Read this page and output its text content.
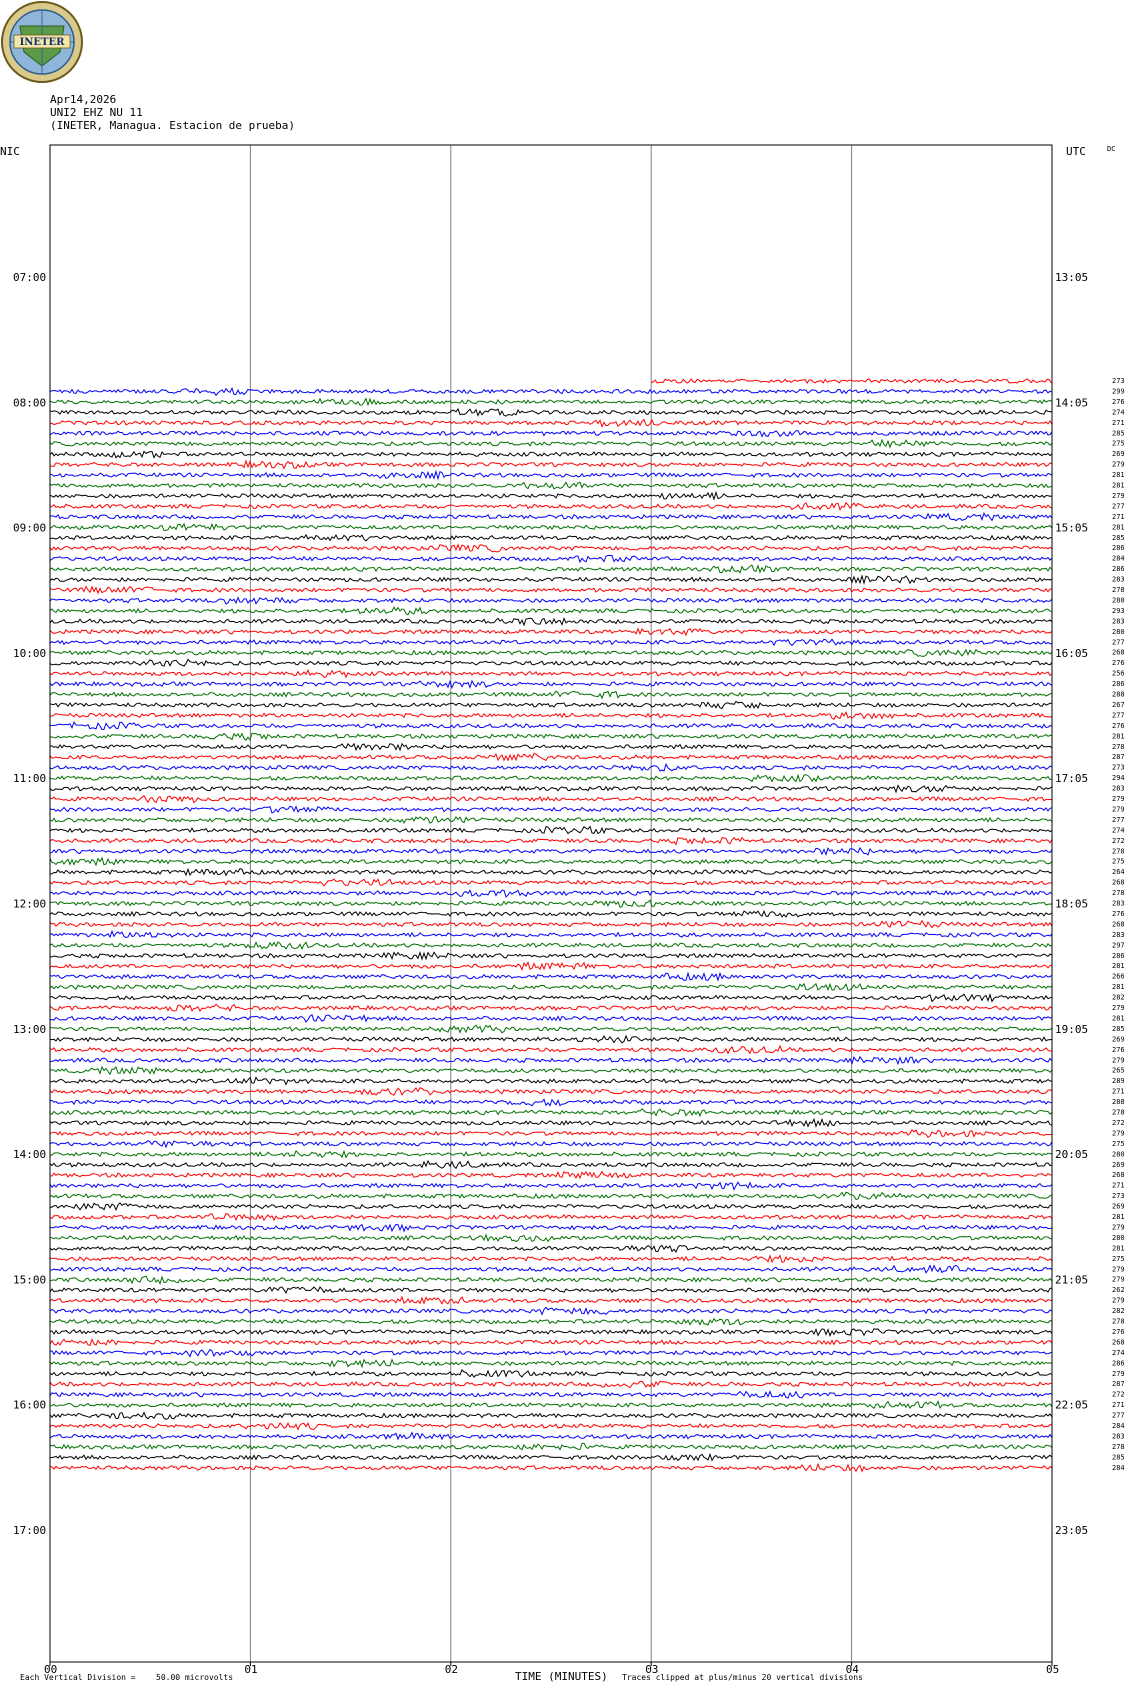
INETER
Apr14,2026
UNI2 EHZ NU 11
(INETER, Managua. Estacion de prueba)
07:00	13:05
08:00	14:05
09:00	15:05
10:00	16:05
11:00	17:05
12:00	18:05
13:00	19:05
14:00	20:05
15:00	21:05
16:00	22:05
17:00	23:05
273
299
276
274
271
285
275
269
279
281
281
279
277
271
281
285
286
284
286
283
278
280
293
283
280
277
268
276
256
286
288
267
277
276
281
278
287
273
294
283
279
279
277
274
272
278
275
264
268
278
283
276
268
283
297
286
281
266
281
282
279
281
285
269
276
279
265
289
271
288
278
272
279
275
280
269
268
271
273
269
281
279
280
281
275
279
279
262
279
282
278
276
268
274
286
279
287
272
271
277
284
283
278
285
284
00	01	02	03	04	05
NIC	UTC	DC
Each Vertical Division =	50.00 microvolts	TIME (MINUTES) Traces clipped at plus/minus 20 vertical divisions
